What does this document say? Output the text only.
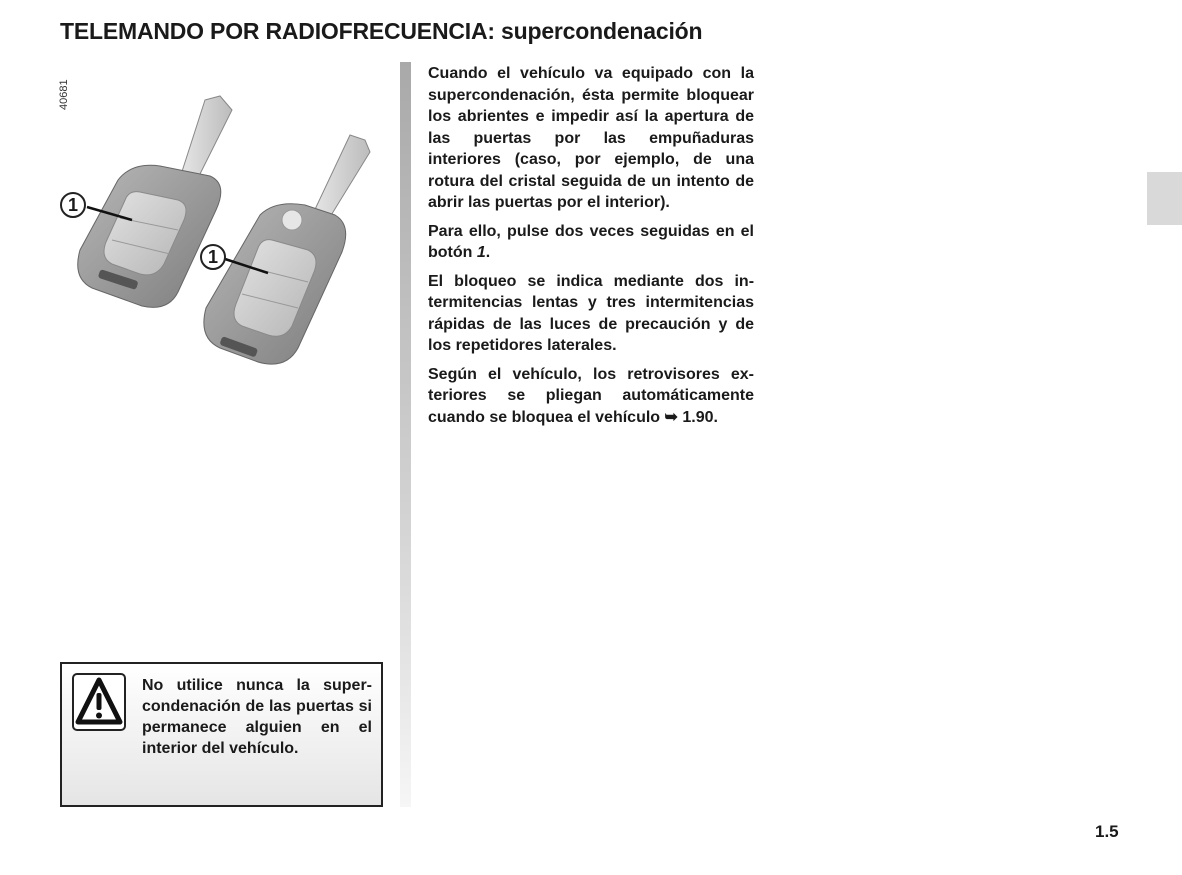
TELEMANDO POR RADIOFRECUENCIA: supercondenación
40681
1
1

Cuando el vehículo va equipado con la supercondenación, ésta permite bloquear los abrientes e impedir así la apertura de las puertas por las empuñaduras interiores (caso, por ejemplo, de una rotura del cristal seguida de un intento de abrir las puertas por el interior).

Para ello, pulse dos veces seguidas en el botón 1.

El bloqueo se indica mediante dos intermitencias lentas y tres intermitencias rápidas de las luces de precaución y de los repetidores laterales.

Según el vehículo, los retrovisores exteriores se pliegan automáticamente cuando se bloquea el vehículo ➥ 1.90.

No utilice nunca la supercondenación de las puertas si permanece alguien en el interior del vehículo.
1.5
